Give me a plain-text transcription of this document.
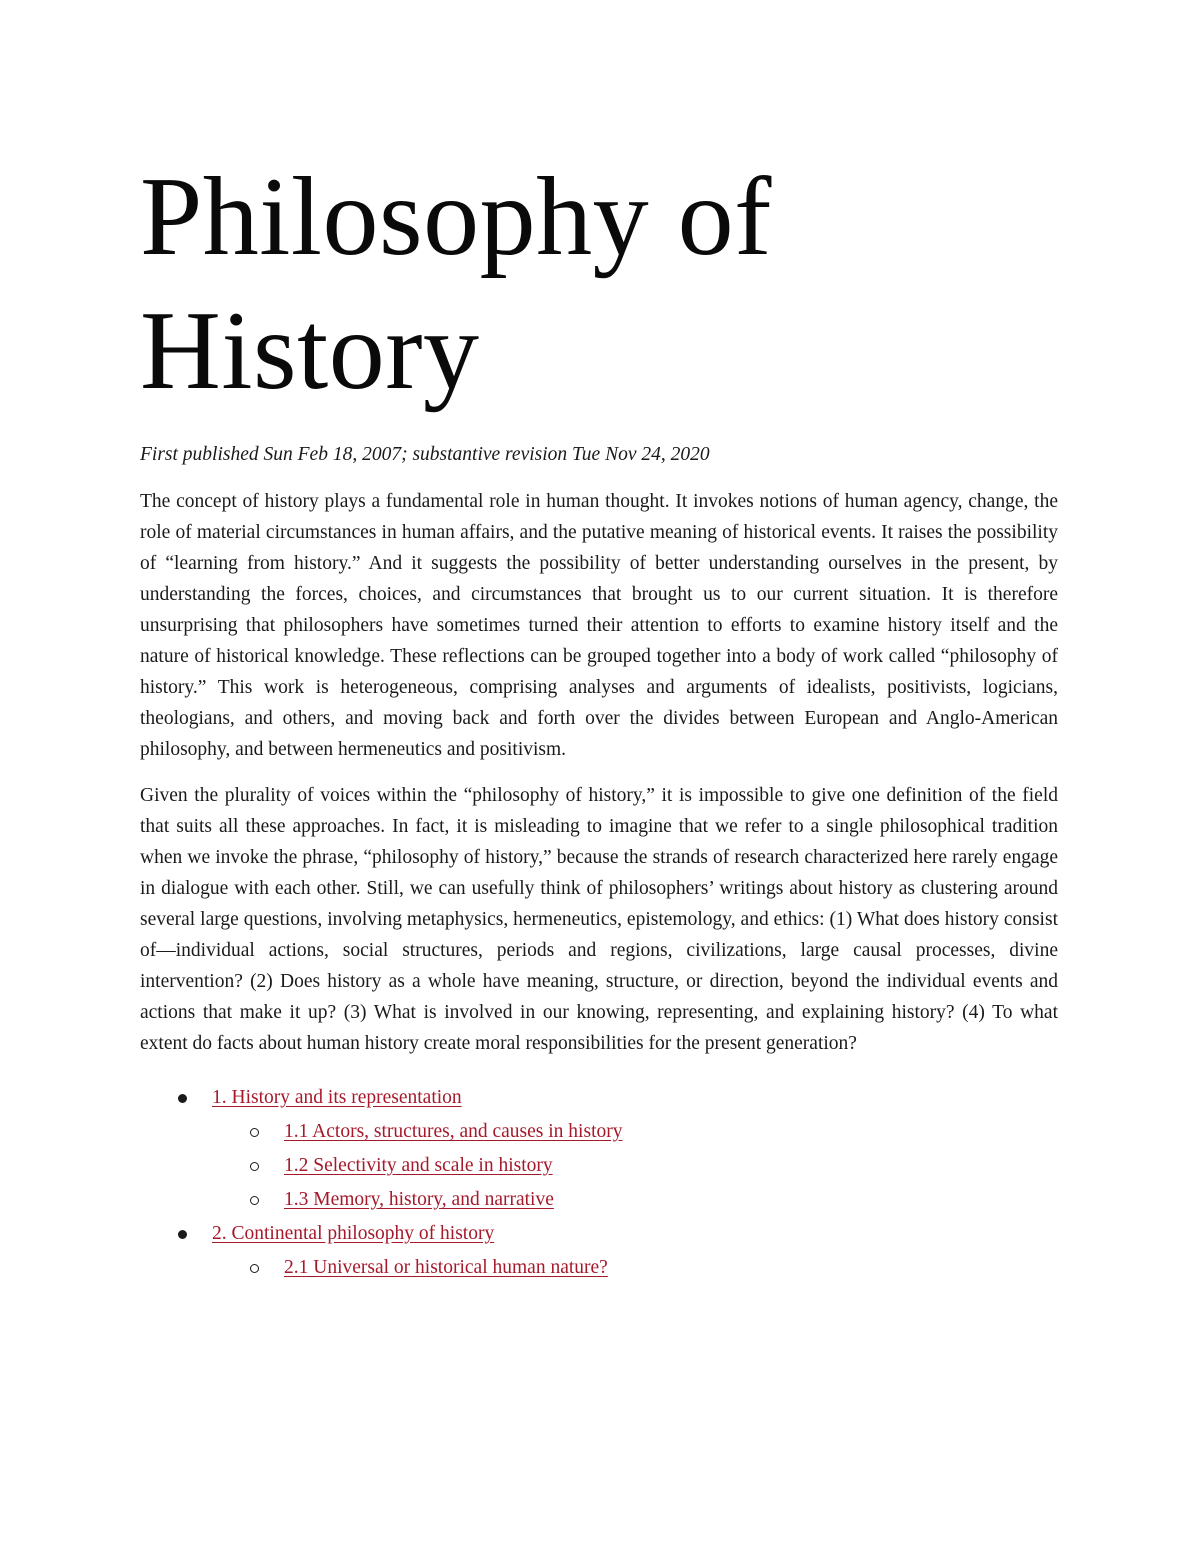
Philosophy of History

First published Sun Feb 18, 2007; substantive revision Tue Nov 24, 2020

The concept of history plays a fundamental role in human thought. It invokes notions of human agency, change, the role of material circumstances in human affairs, and the putative meaning of historical events. It raises the possibility of “learning from history.” And it suggests the possibility of better understanding ourselves in the present, by understanding the forces, choices, and circumstances that brought us to our current situation. It is therefore unsurprising that philosophers have sometimes turned their attention to efforts to examine history itself and the nature of historical knowledge. These reflections can be grouped together into a body of work called “philosophy of history.” This work is heterogeneous, comprising analyses and arguments of idealists, positivists, logicians, theologians, and others, and moving back and forth over the divides between European and Anglo-American philosophy, and between hermeneutics and positivism.

Given the plurality of voices within the “philosophy of history,” it is impossible to give one definition of the field that suits all these approaches. In fact, it is misleading to imagine that we refer to a single philosophical tradition when we invoke the phrase, “philosophy of history,” because the strands of research characterized here rarely engage in dialogue with each other. Still, we can usefully think of philosophers’ writings about history as clustering around several large questions, involving metaphysics, hermeneutics, epistemology, and ethics: (1) What does history consist of—individual actions, social structures, periods and regions, civilizations, large causal processes, divine intervention? (2) Does history as a whole have meaning, structure, or direction, beyond the individual events and actions that make it up? (3) What is involved in our knowing, representing, and explaining history? (4) To what extent do facts about human history create moral responsibilities for the present generation?

1. History and its representation
1.1 Actors, structures, and causes in history
1.2 Selectivity and scale in history
1.3 Memory, history, and narrative
2. Continental philosophy of history
2.1 Universal or historical human nature?
